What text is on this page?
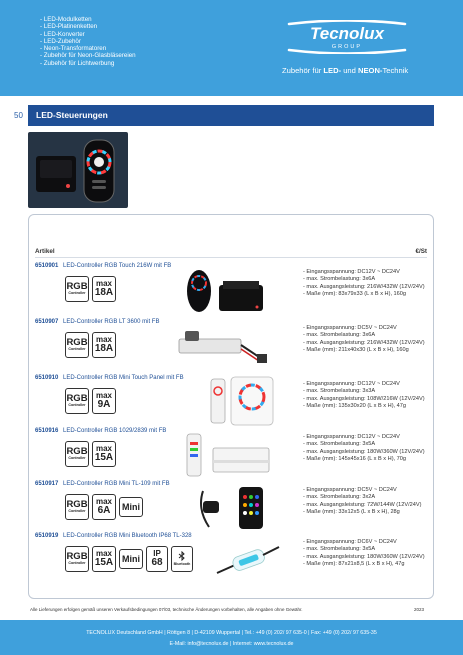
- LED-Modulketten
- LED-Platinenketten
- LED-Konverter
- LED-Zubehör
- Neon-Transformatoren
- Zubehör für Neon-Glasbläsereien
- Zubehör für Lichtwerbung
Tecnolux
GROUP
Zubehör für LED- und NEON-Technik
50 LED-Steuerungen
Artikel	€/St
6510901 LED-Controller RGB Touch 216W mit FB
RGB
Controller
max
18A
- Eingangsspannung: DC12V ~ DC24V
- max. Strombelastung: 3x6A
- max. Ausgangsleistung: 216W/432W (12V/24V)
- Maße (mm): 83x79x33 (L x B x H), 160g
6510907 LED-Controller RGB LT 3600 mit FB
RGB
Controller
max
18A
- Eingangsspannung: DC5V ~ DC24V
- max. Strombelastung: 3x6A
- max. Ausgangsleistung: 216W/432W (12V/24V)
- Maße (mm): 211x40x30 (L x B x H), 160g
6510910 LED-Controller RGB Mini Touch Panel mit FB
RGB
Controller
max
9A
- Eingangsspannung: DC12V ~ DC24V
- max. Strombelastung: 3x3A
- max. Ausgangsleistung: 108W/216W (12V/24V)
- Maße (mm): 135x30x20 (L x B x H), 47g
6510916 LED-Controller RGB 1029/2839 mit FB
RGB
Controller
max
15A
- Eingangsspannung: DC12V ~ DC24V
- max. Strombelastung: 3x5A
- max. Ausgangsleistung: 180W/360W (12V/24V)
- Maße (mm): 145x45x16 (L x B x H), 70g
6510917 LED-Controller RGB Mini TL-109 mit FB
RGB
Controller
max
6A	Mini
- Eingangsspannung: DC5V ~ DC24V
- max. Strombelastung: 3x2A
- max. Ausgangsleistung: 72W/144W (12V/24V)
- Maße (mm): 33x12x5 (L x B x H), 28g
6510919 LED-Controller RGB Mini Bluetooth IP68 TL-328
RGB
Controller
max
15A Mini	IP
68	Bluetooth
- Eingangsspannung: DC6V ~ DC24V
- max. Strombelastung: 3x5A
- max. Ausgangsleistung: 180W/360W (12V/24V)
- Maße (mm): 87x21x8,5 (L x B x H), 47g
Alle Lieferungen erfolgen gemäß unseren Verkaufsbedingungen 07/03, technische Änderungen vorbehalten, alle Angaben ohne Gewähr.	2023
TECNOLUX Deutschland GmbH | Röttgen 8 | D-42109 Wuppertal | Tel.: +49 (0) 202/ 97 635-0 | Fax: +49 (0) 202/ 97 635-35
E-Mail: info@tecnolux.de | Internet: www.tecnolux.de
